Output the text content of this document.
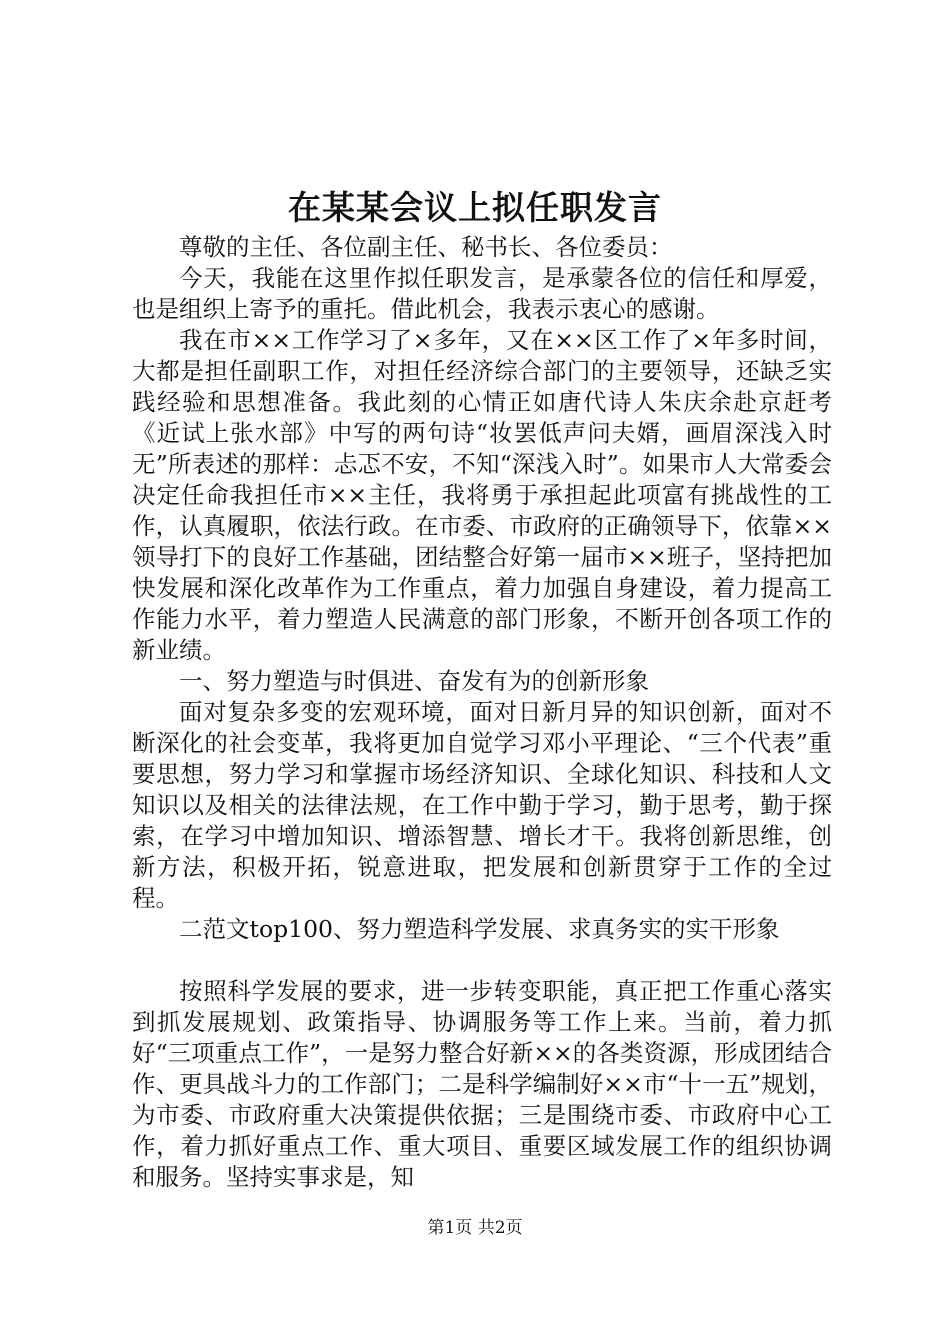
在某某会议上拟任职发言

尊敬的主任、各位副主任、秘书长、各位委员：

今天，我能在这里作拟任职发言，是承蒙各位的信任和厚爱，也是组织上寄予的重托。借此机会，我表示衷心的感谢。

我在市××工作学习了×多年，又在××区工作了×年多时间，大都是担任副职工作，对担任经济综合部门的主要领导，还缺乏实践经验和思想准备。我此刻的心情正如唐代诗人朱庆余赴京赶考《近试上张水部》中写的两句诗“妆罢低声问夫婿，画眉深浅入时无”所表述的那样：忐忑不安，不知“深浅入时”。如果市人大常委会决定任命我担任市××主任，我将勇于承担起此项富有挑战性的工作，认真履职，依法行政。在市委、市政府的正确领导下，依靠××领导打下的良好工作基础，团结整合好第一届市××班子，坚持把加快发展和深化改革作为工作重点，着力加强自身建设，着力提高工作能力水平，着力塑造人民满意的部门形象，不断开创各项工作的新业绩。

一、努力塑造与时俱进、奋发有为的创新形象

面对复杂多变的宏观环境，面对日新月异的知识创新，面对不断深化的社会变革，我将更加自觉学习邓小平理论、“三个代表”重要思想，努力学习和掌握市场经济知识、全球化知识、科技和人文知识以及相关的法律法规，在工作中勤于学习，勤于思考，勤于探索，在学习中增加知识、增添智慧、增长才干。我将创新思维，创新方法，积极开拓，锐意进取，把发展和创新贯穿于工作的全过程。

二范文top100、努力塑造科学发展、求真务实的实干形象

按照科学发展的要求，进一步转变职能，真正把工作重心落实到抓发展规划、政策指导、协调服务等工作上来。当前，着力抓好“三项重点工作”，一是努力整合好新××的各类资源，形成团结合作、更具战斗力的工作部门；二是科学编制好××市“十一五”规划，为市委、市政府重大决策提供依据；三是围绕市委、市政府中心工作，着力抓好重点工作、重大项目、重要区域发展工作的组织协调和服务。坚持实事求是，知

第1页 共2页
